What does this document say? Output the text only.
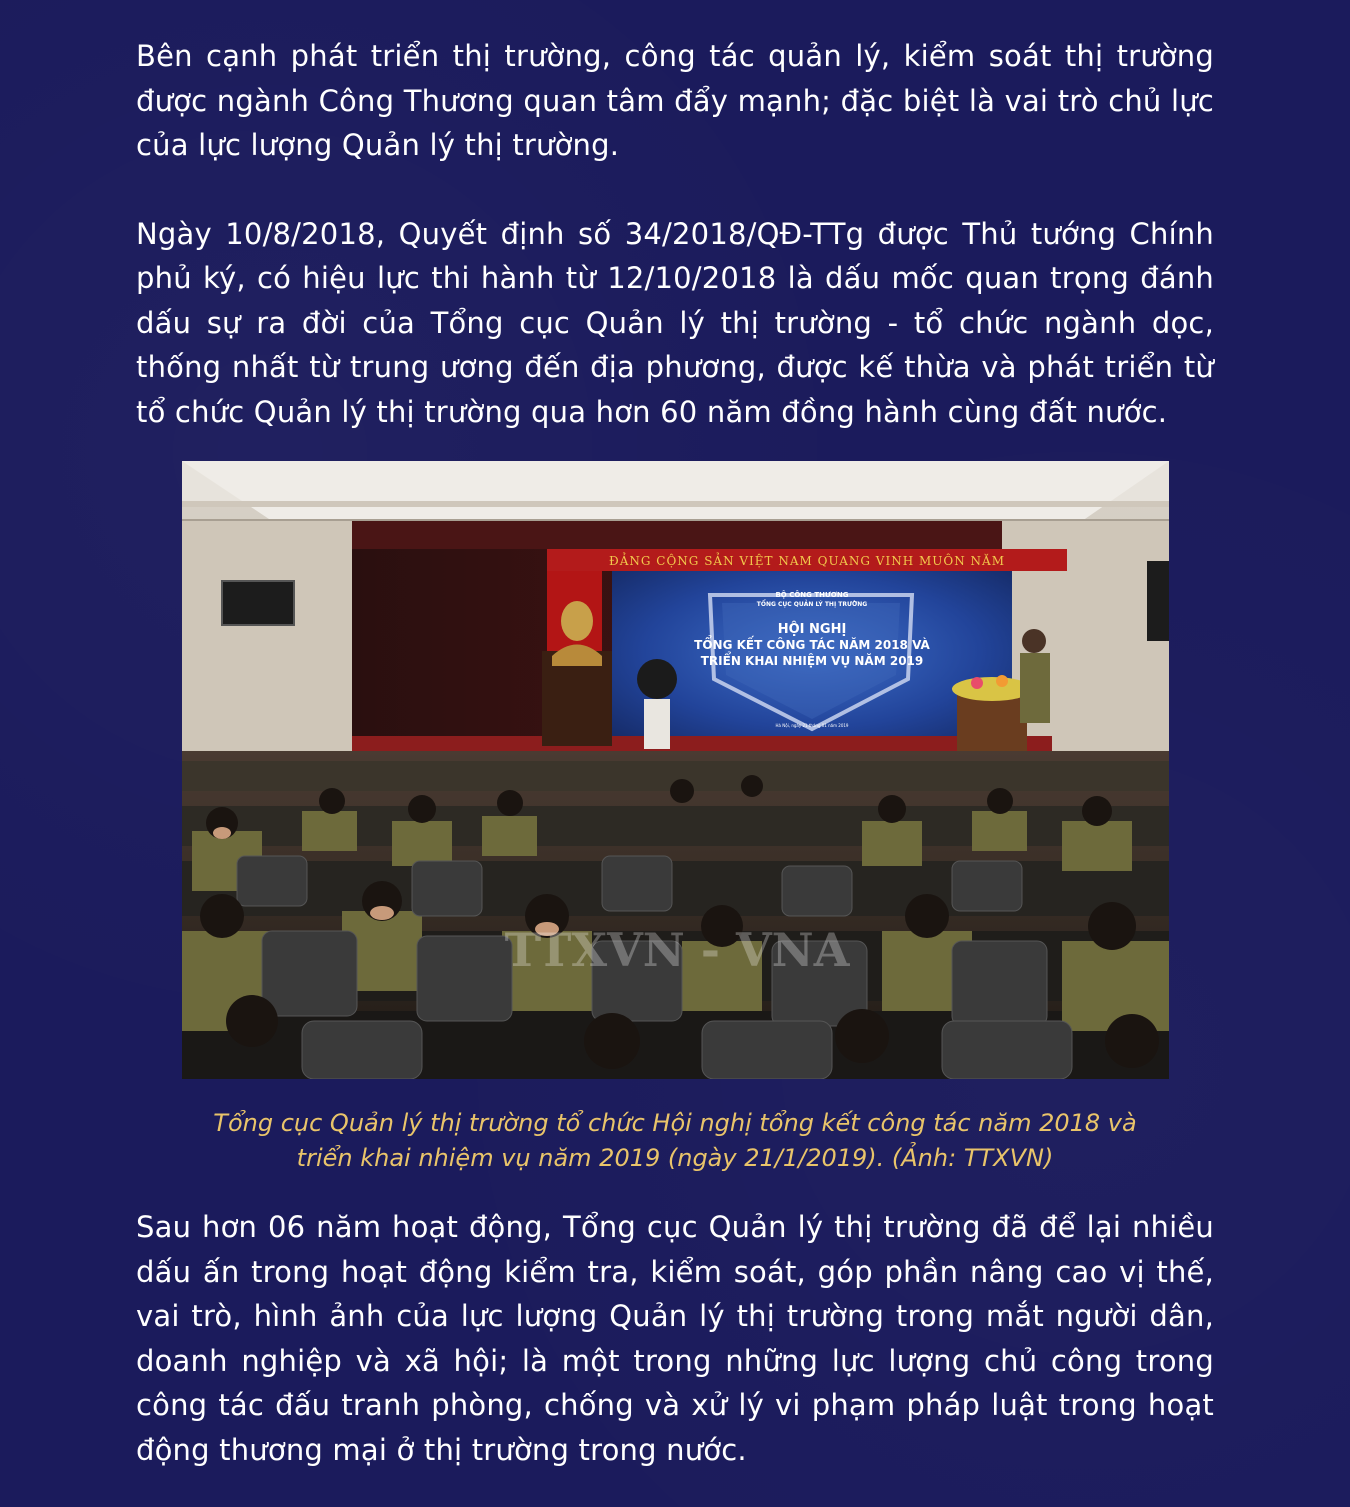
Bên cạnh phát triển thị trường, công tác quản lý, kiểm soát thị trường được ngành Công Thương quan tâm đẩy mạnh; đặc biệt là vai trò chủ lực của lực lượng Quản lý thị trường.

Ngày 10/8/2018, Quyết định số 34/2018/QĐ-TTg được Thủ tướng Chính phủ ký, có hiệu lực thi hành từ 12/10/2018 là dấu mốc quan trọng đánh dấu sự ra đời của Tổng cục Quản lý thị trường - tổ chức ngành dọc, thống nhất từ trung ương đến địa phương, được kế thừa và phát triển từ tổ chức Quản lý thị trường qua hơn 60 năm đồng hành cùng đất nước.

ĐẢNG CỘNG SẢN VIỆT NAM QUANG VINH MUÔN NĂM
BỘ CÔNG THƯƠNG
TỔNG CỤC QUẢN LÝ THỊ TRƯỜNG
HỘI NGHỊ
TỔNG KẾT CÔNG TÁC NĂM 2018 VÀ
TRIỂN KHAI NHIỆM VỤ NĂM 2019
Hà Nội, ngày 21 tháng 01 năm 2019
TTXVN - VNA

Tổng cục Quản lý thị trường tổ chức Hội nghị tổng kết công tác năm 2018 và
triển khai nhiệm vụ năm 2019 (ngày 21/1/2019). (Ảnh: TTXVN)

Sau hơn 06 năm hoạt động, Tổng cục Quản lý thị trường đã để lại nhiều dấu ấn trong hoạt động kiểm tra, kiểm soát, góp phần nâng cao vị thế, vai trò, hình ảnh của lực lượng Quản lý thị trường trong mắt người dân, doanh nghiệp và xã hội; là một trong những lực lượng chủ công trong công tác đấu tranh phòng, chống và xử lý vi phạm pháp luật trong hoạt động thương mại ở thị trường trong nước.
